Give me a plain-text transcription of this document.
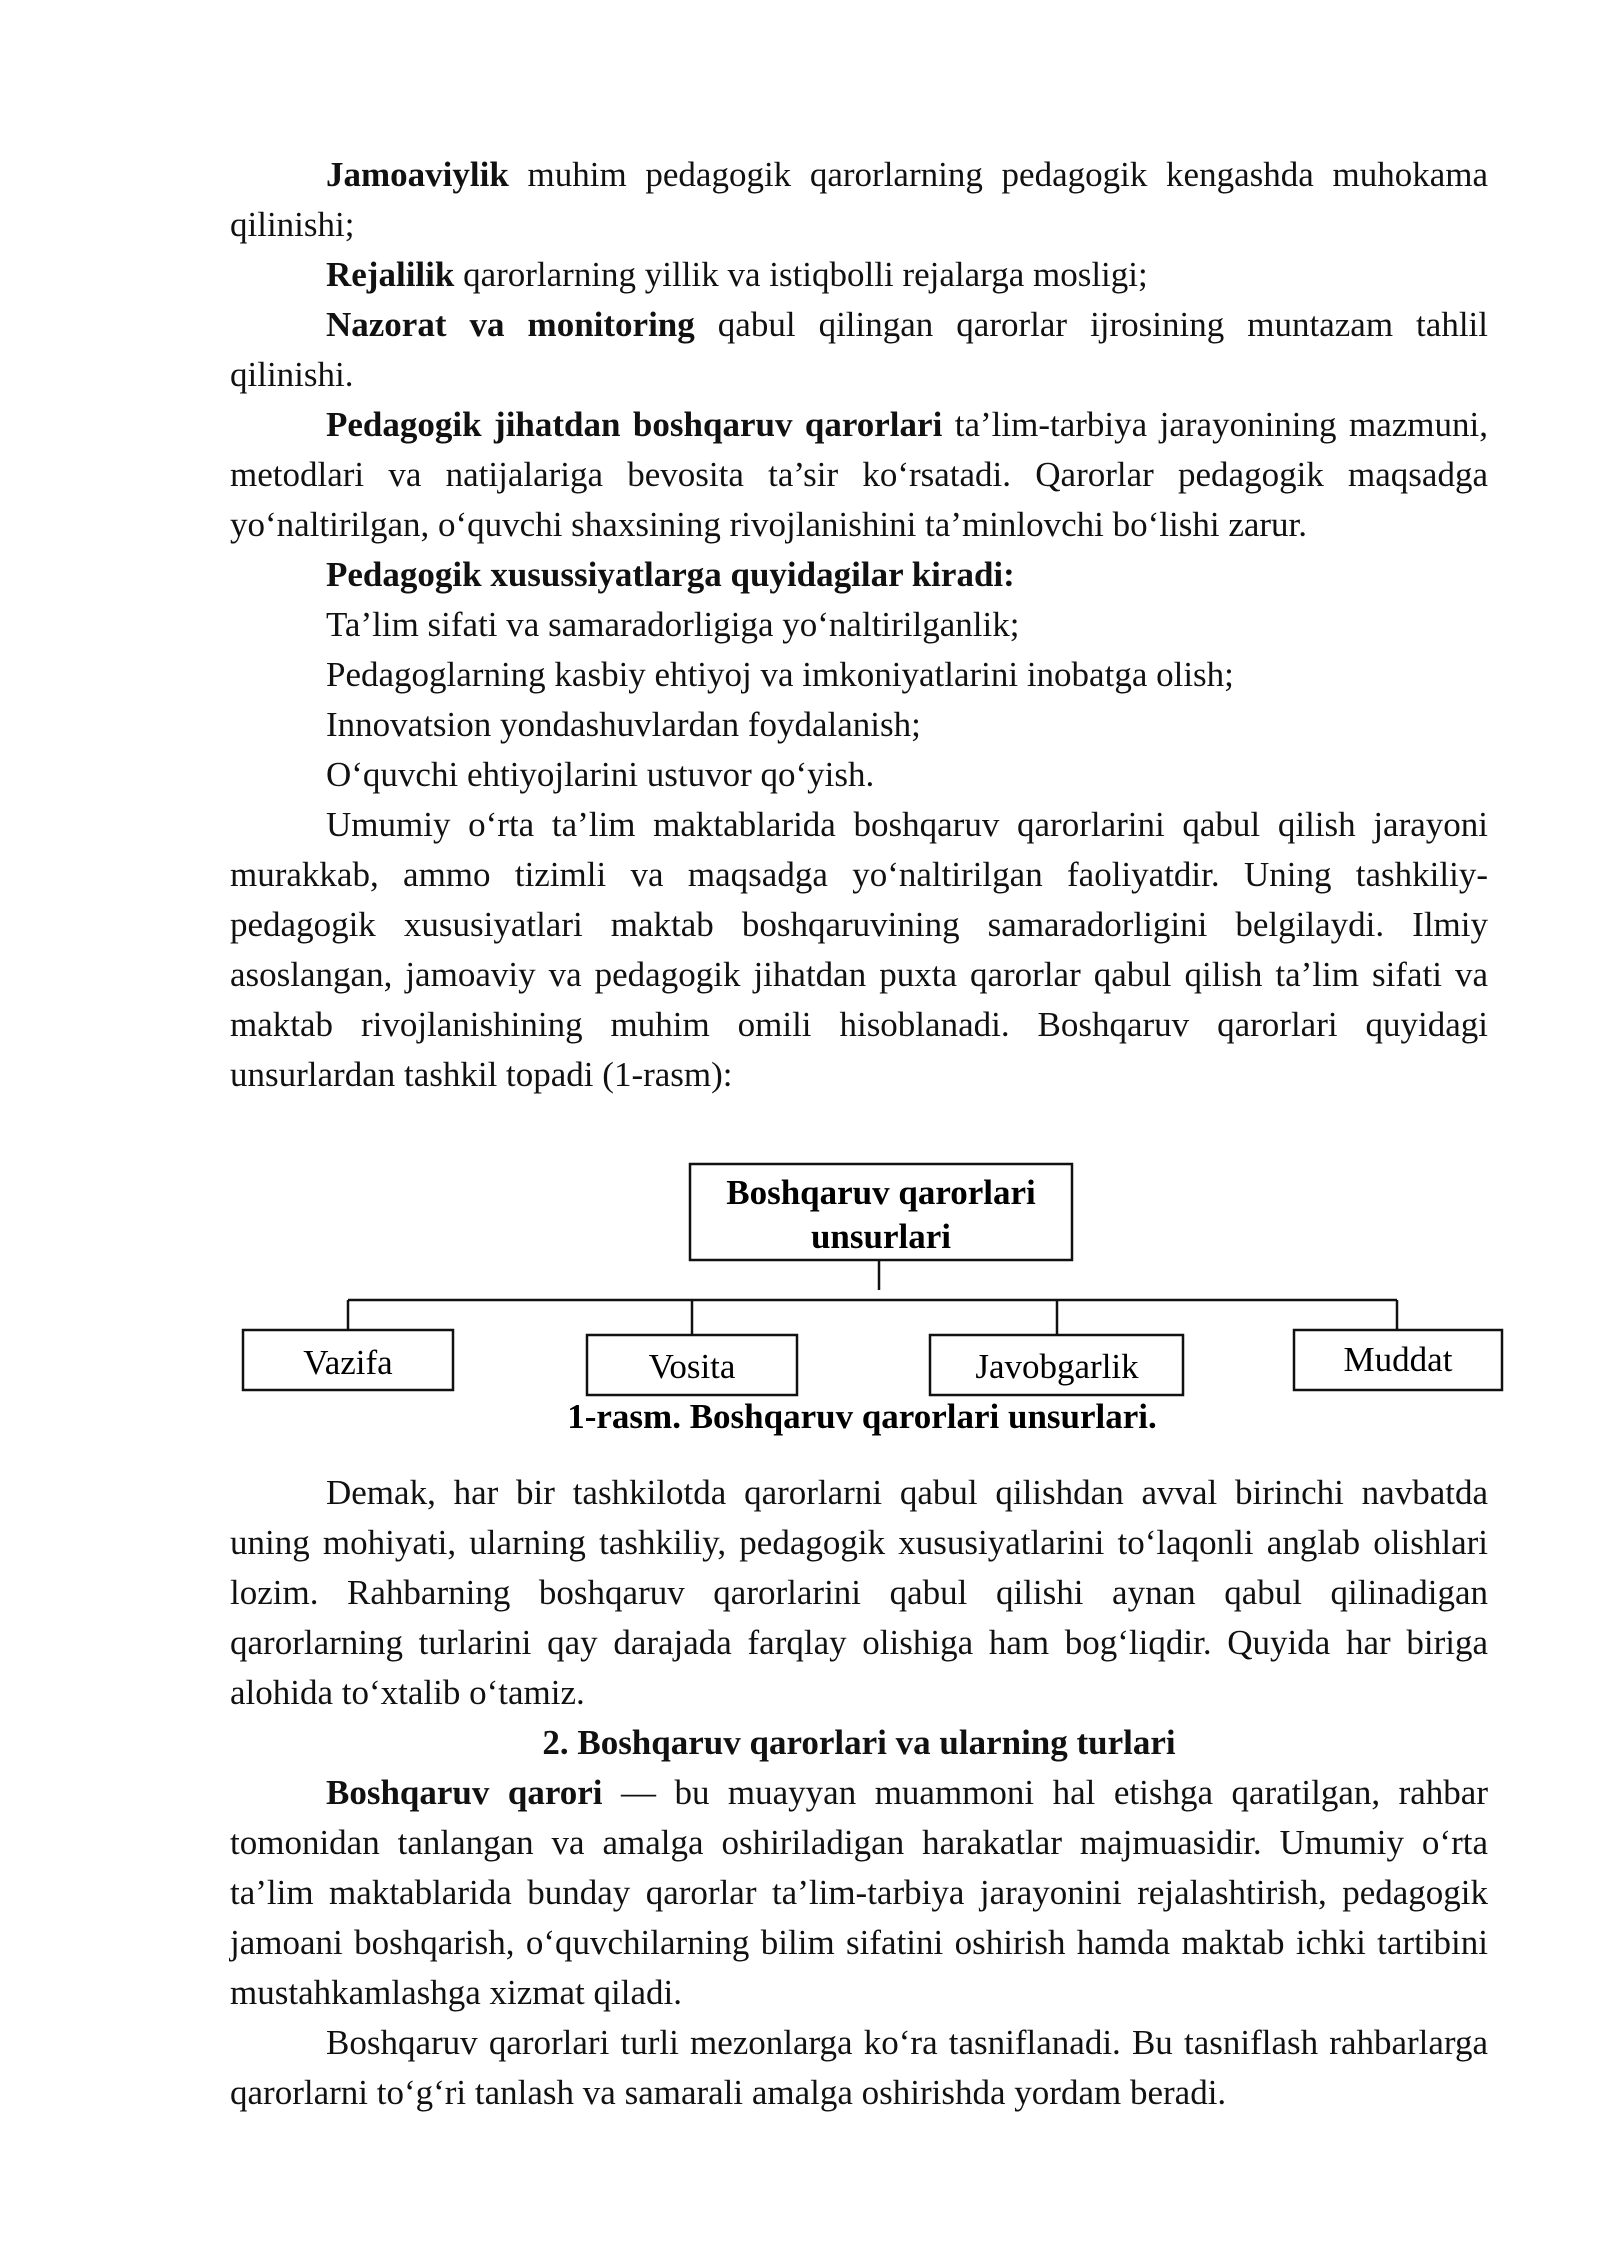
Jamoaviylik muhim pedagogik qarorlarning pedagogik kengashda muhokama qilinishi;

Rejalilik qarorlarning yillik va istiqbolli rejalarga mosligi;

Nazorat va monitoring qabul qilingan qarorlar ijrosining muntazam tahlil qilinishi.

Pedagogik jihatdan boshqaruv qarorlari ta’lim-tarbiya jarayonining mazmuni, metodlari va natijalariga bevosita ta’sir ko‘rsatadi. Qarorlar pedagogik maqsadga yo‘naltirilgan, o‘quvchi shaxsining rivojlanishini ta’minlovchi bo‘lishi zarur.

Pedagogik xusussiyatlarga quyidagilar kiradi:

Ta’lim sifati va samaradorligiga yo‘naltirilganlik;

Pedagoglarning kasbiy ehtiyoj va imkoniyatlarini inobatga olish;

Innovatsion yondashuvlardan foydalanish;

O‘quvchi ehtiyojlarini ustuvor qo‘yish.

Umumiy o‘rta ta’lim maktablarida boshqaruv qarorlarini qabul qilish jarayoni murakkab, ammo tizimli va maqsadga yo‘naltirilgan faoliyatdir. Uning tashkiliy-pedagogik xususiyatlari maktab boshqaruvining samaradorligini belgilaydi. Ilmiy asoslangan, jamoaviy va pedagogik jihatdan puxta qarorlar qabul qilish ta’lim sifati va maktab rivojlanishining muhim omili hisoblanadi. Boshqaruv qarorlari quyidagi unsurlardan tashkil topadi (1-rasm):

Boshqaruv qarorlari
unsurlari
Vazifa	Vosita	Javobgarlik	Muddat
1-rasm. Boshqaruv qarorlari unsurlari.

Demak, har bir tashkilotda qarorlarni qabul qilishdan avval birinchi navbatda uning mohiyati, ularning tashkiliy, pedagogik xususiyatlarini to‘laqonli anglab olishlari lozim. Rahbarning boshqaruv qarorlarini qabul qilishi aynan qabul qilinadigan qarorlarning turlarini qay darajada farqlay olishiga ham bog‘liqdir. Quyida har biriga alohida to‘xtalib o‘tamiz.

2. Boshqaruv qarorlari va ularning turlari

Boshqaruv qarori — bu muayyan muammoni hal etishga qaratilgan, rahbar tomonidan tanlangan va amalga oshiriladigan harakatlar majmuasidir. Umumiy o‘rta ta’lim maktablarida bunday qarorlar ta’lim-tarbiya jarayonini rejalashtirish, pedagogik jamoani boshqarish, o‘quvchilarning bilim sifatini oshirish hamda maktab ichki tartibini mustahkamlashga xizmat qiladi.

Boshqaruv qarorlari turli mezonlarga ko‘ra tasniflanadi. Bu tasniflash rahbarlarga qarorlarni to‘g‘ri tanlash va samarali amalga oshirishda yordam beradi.
